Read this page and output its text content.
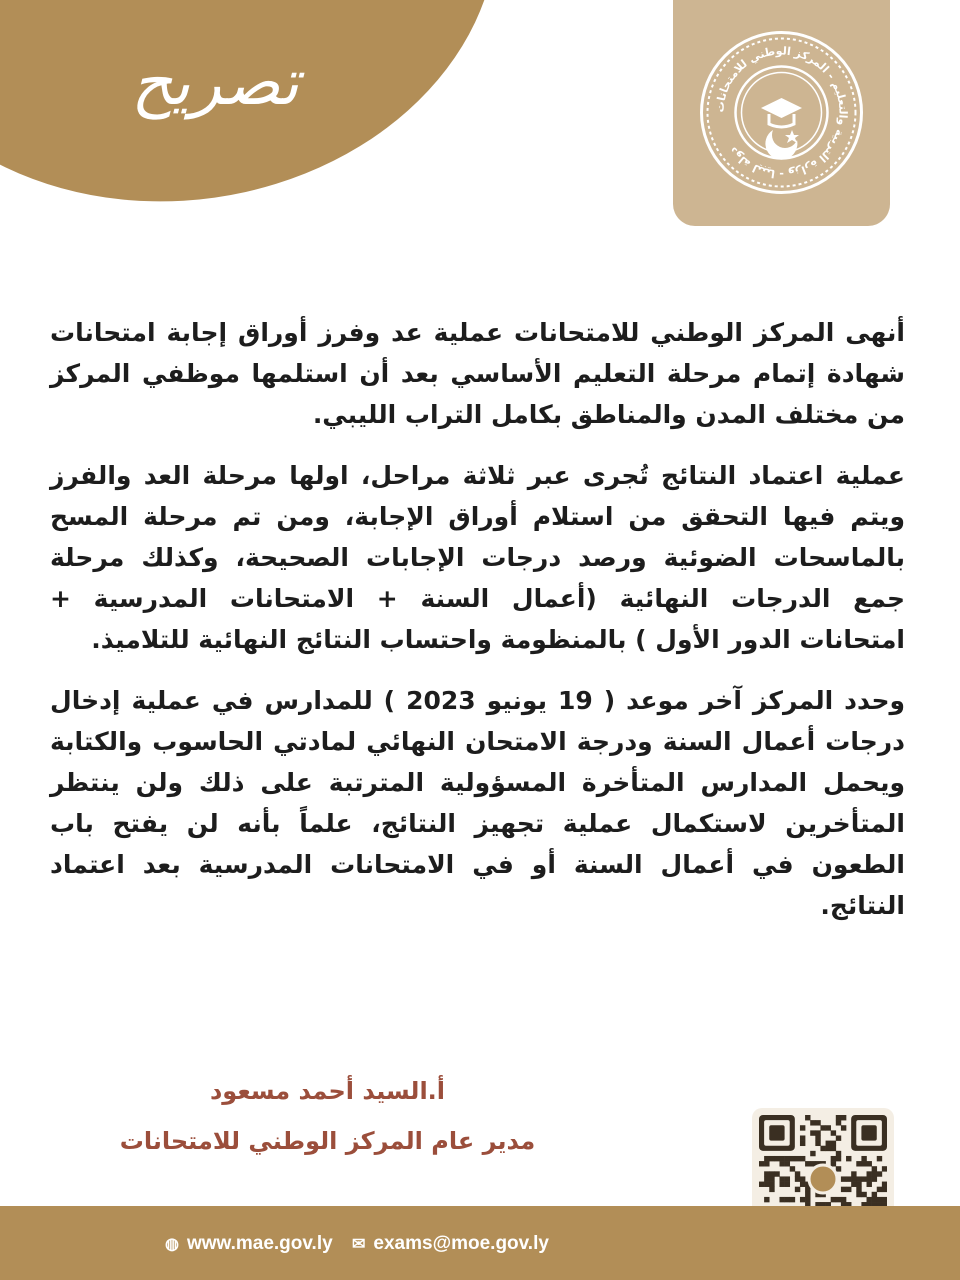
تصريح	دولة ليبيا - وزارة التربية والتعليم - المركز الوطني للامتحانات

أنهى المركز الوطني للامتحانات عملية عد وفرز أوراق إجابة امتحانات شهادة إتمام مرحلة التعليم الأساسي بعد أن استلمها موظفي المركز من مختلف المدن والمناطق بكامل التراب الليبي.

عملية اعتماد النتائج تُجرى عبر ثلاثة مراحل، اولها مرحلة العد والفرز ويتم فيها التحقق من استلام أوراق الإجابة، ومن تم مرحلة المسح بالماسحات الضوئية ورصد درجات الإجابات الصحيحة، وكذلك مرحلة جمع الدرجات النهائية (أعمال السنة + الامتحانات المدرسية + امتحانات الدور الأول ) بالمنظومة واحتساب النتائج النهائية للتلاميذ.

وحدد المركز آخر موعد ( 19 يونيو 2023 ) للمدارس في عملية إدخال درجات أعمال السنة ودرجة الامتحان النهائي لمادتي الحاسوب والكتابة ويحمل المدارس المتأخرة المسؤولية المترتبة على ذلك ولن ينتظر المتأخرين لاستكمال عملية تجهيز النتائج، علماً بأنه لن يفتح باب الطعون في أعمال السنة أو في الامتحانات المدرسية بعد اعتماد النتائج.

أ.السيد أحمد مسعود
مدير عام المركز الوطني للامتحانات
◍ www.mae.gov.ly ✉ exams@moe.gov.ly
